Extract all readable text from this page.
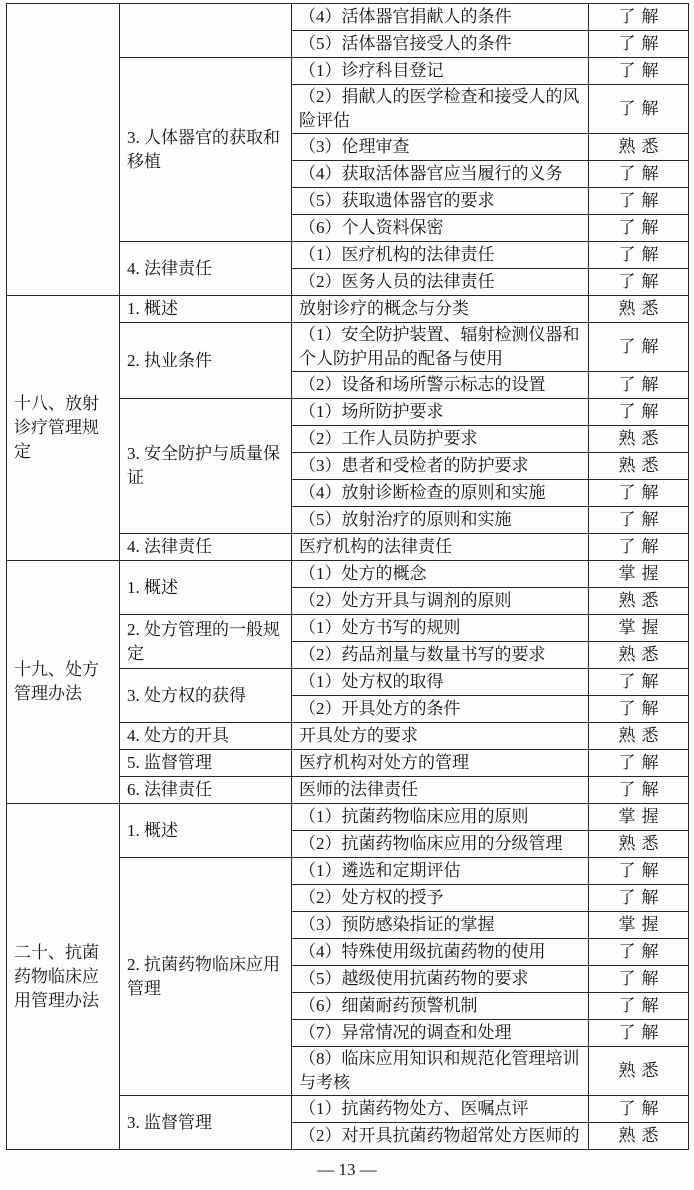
		（4）活体器官捐献人的条件	了解
		（5）活体器官接受人的条件	了解
	3. 人体器官的获取和移植	（1）诊疗科目登记	了解
		（2）捐献人的医学检查和接受人的风险评估	了解
		（3）伦理审查	熟悉
		（4）获取活体器官应当履行的义务	了解
		（5）获取遗体器官的要求	了解
		（6）个人资料保密	了解
	4. 法律责任	（1）医疗机构的法律责任	了解
		（2）医务人员的法律责任	了解
十八、放射诊疗管理规定	1. 概述	放射诊疗的概念与分类	熟悉
	2. 执业条件	（1）安全防护装置、辐射检测仪器和个人防护用品的配备与使用	了解
		（2）设备和场所警示标志的设置	了解
	3. 安全防护与质量保证	（1）场所防护要求	了解
		（2）工作人员防护要求	熟悉
		（3）患者和受检者的防护要求	熟悉
		（4）放射诊断检查的原则和实施	了解
		（5）放射治疗的原则和实施	了解
	4. 法律责任	医疗机构的法律责任	了解
十九、处方管理办法	1. 概述	（1）处方的概念	掌握
		（2）处方开具与调剂的原则	熟悉
	2. 处方管理的一般规定	（1）处方书写的规则	掌握
		（2）药品剂量与数量书写的要求	熟悉
	3. 处方权的获得	（1）处方权的取得	了解
		（2）开具处方的条件	了解
	4. 处方的开具	开具处方的要求	熟悉
	5. 监督管理	医疗机构对处方的管理	了解
	6. 法律责任	医师的法律责任	了解
二十、抗菌药物临床应用管理办法	1. 概述	（1）抗菌药物临床应用的原则	掌握
		（2）抗菌药物临床应用的分级管理	熟悉
	2. 抗菌药物临床应用管理	（1）遴选和定期评估	了解
		（2）处方权的授予	了解
		（3）预防感染指证的掌握	掌握
		（4）特殊使用级抗菌药物的使用	了解
		（5）越级使用抗菌药物的要求	了解
		（6）细菌耐药预警机制	了解
		（7）异常情况的调查和处理	了解
		（8）临床应用知识和规范化管理培训与考核	熟悉
	3. 监督管理	（1）抗菌药物处方、医嘱点评	了解
		（2）对开具抗菌药物超常处方医师的	熟悉
— 13 —
